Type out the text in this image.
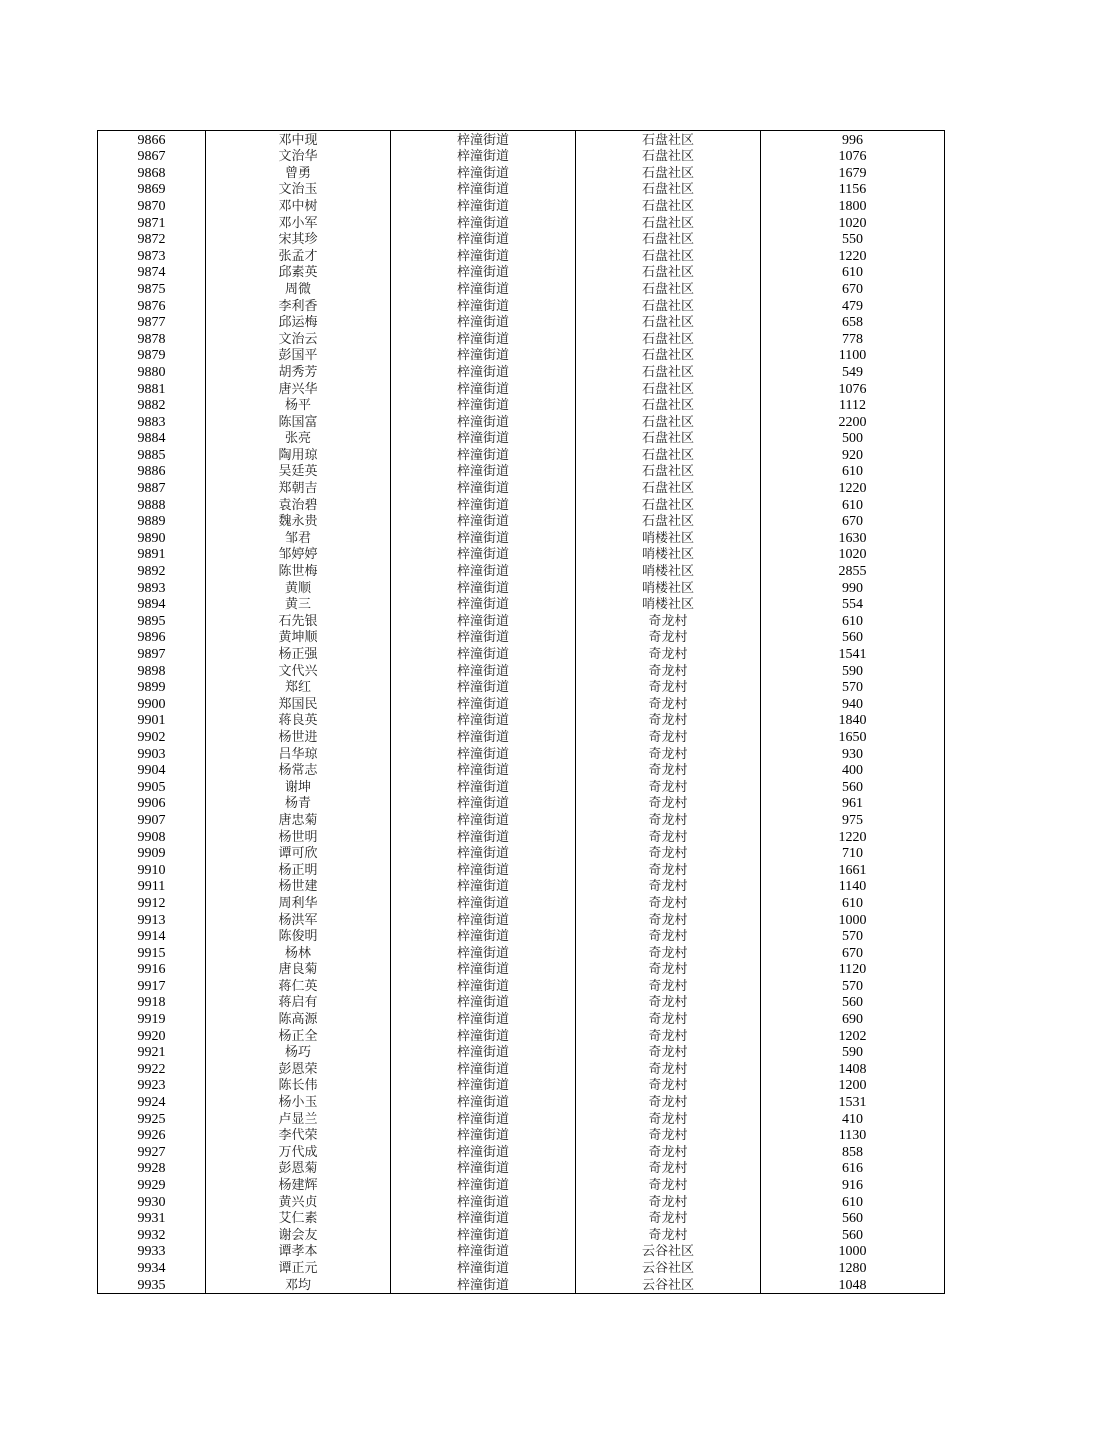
9866	邓中现	梓潼街道	石盘社区	996
9867	文治华	梓潼街道	石盘社区	1076
9868	曾勇	梓潼街道	石盘社区	1679
9869	文治玉	梓潼街道	石盘社区	1156
9870	邓中树	梓潼街道	石盘社区	1800
9871	邓小军	梓潼街道	石盘社区	1020
9872	宋其珍	梓潼街道	石盘社区	550
9873	张孟才	梓潼街道	石盘社区	1220
9874	邱素英	梓潼街道	石盘社区	610
9875	周微	梓潼街道	石盘社区	670
9876	李利香	梓潼街道	石盘社区	479
9877	邱运梅	梓潼街道	石盘社区	658
9878	文治云	梓潼街道	石盘社区	778
9879	彭国平	梓潼街道	石盘社区	1100
9880	胡秀芳	梓潼街道	石盘社区	549
9881	唐兴华	梓潼街道	石盘社区	1076
9882	杨平	梓潼街道	石盘社区	1112
9883	陈国富	梓潼街道	石盘社区	2200
9884	张亮	梓潼街道	石盘社区	500
9885	陶用琼	梓潼街道	石盘社区	920
9886	吴廷英	梓潼街道	石盘社区	610
9887	郑朝吉	梓潼街道	石盘社区	1220
9888	袁治碧	梓潼街道	石盘社区	610
9889	魏永贵	梓潼街道	石盘社区	670
9890	邹君	梓潼街道	哨楼社区	1630
9891	邹婷婷	梓潼街道	哨楼社区	1020
9892	陈世梅	梓潼街道	哨楼社区	2855
9893	黄顺	梓潼街道	哨楼社区	990
9894	黄三	梓潼街道	哨楼社区	554
9895	石先银	梓潼街道	奇龙村	610
9896	黄坤顺	梓潼街道	奇龙村	560
9897	杨正强	梓潼街道	奇龙村	1541
9898	文代兴	梓潼街道	奇龙村	590
9899	郑红	梓潼街道	奇龙村	570
9900	郑国民	梓潼街道	奇龙村	940
9901	蒋良英	梓潼街道	奇龙村	1840
9902	杨世进	梓潼街道	奇龙村	1650
9903	吕华琼	梓潼街道	奇龙村	930
9904	杨常志	梓潼街道	奇龙村	400
9905	谢坤	梓潼街道	奇龙村	560
9906	杨青	梓潼街道	奇龙村	961
9907	唐忠菊	梓潼街道	奇龙村	975
9908	杨世明	梓潼街道	奇龙村	1220
9909	谭可欣	梓潼街道	奇龙村	710
9910	杨正明	梓潼街道	奇龙村	1661
9911	杨世建	梓潼街道	奇龙村	1140
9912	周利华	梓潼街道	奇龙村	610
9913	杨洪军	梓潼街道	奇龙村	1000
9914	陈俊明	梓潼街道	奇龙村	570
9915	杨林	梓潼街道	奇龙村	670
9916	唐良菊	梓潼街道	奇龙村	1120
9917	蒋仁英	梓潼街道	奇龙村	570
9918	蒋启有	梓潼街道	奇龙村	560
9919	陈高源	梓潼街道	奇龙村	690
9920	杨正全	梓潼街道	奇龙村	1202
9921	杨巧	梓潼街道	奇龙村	590
9922	彭恩荣	梓潼街道	奇龙村	1408
9923	陈长伟	梓潼街道	奇龙村	1200
9924	杨小玉	梓潼街道	奇龙村	1531
9925	卢显兰	梓潼街道	奇龙村	410
9926	李代荣	梓潼街道	奇龙村	1130
9927	万代成	梓潼街道	奇龙村	858
9928	彭恩菊	梓潼街道	奇龙村	616
9929	杨建辉	梓潼街道	奇龙村	916
9930	黄兴贞	梓潼街道	奇龙村	610
9931	艾仁素	梓潼街道	奇龙村	560
9932	谢会友	梓潼街道	奇龙村	560
9933	谭孝本	梓潼街道	云谷社区	1000
9934	谭正元	梓潼街道	云谷社区	1280
9935	邓均	梓潼街道	云谷社区	1048
